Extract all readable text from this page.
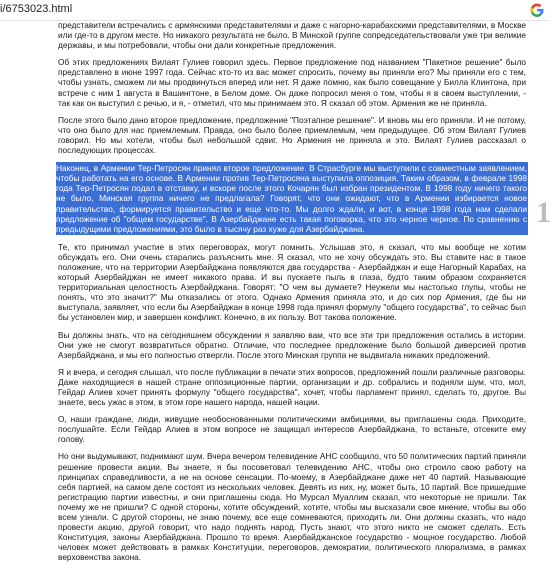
i/6753023.html

представители встречались с армянскими представителями и даже с нагорно-карабахскими представителями, в Москве или где-то в другом месте. Но никакого результата не было. В Минской группе сопредседательствовали уже три великие державы, и мы потребовали, чтобы они дали конкретные предложения.

Об этих предложениях Вилаят Гулиев говорил здесь. Первое предложение под названием "Пакетное решение" было представлено в июне 1997 года. Сейчас кто-то из вас может спросить, почему вы приняли его? Мы приняли его с тем, чтобы узнать, сможем ли мы продвинуться вперед или нет. Я даже помню, как было совещание у Билла Клинтона, при встрече с ним 1 августа в Вашингтоне, в Белом доме. Он даже попросил меня о том, чтобы я в своем выступлении, - так как он выступил с речью, и я, - отметил, что мы принимаем это. Я сказал об этом. Армения же не приняла.

После этого было дано второе предложение, предложение "Поэтапное решение". И вновь мы его приняли. И не потому, что оно было для нас приемлемым. Правда, оно было более приемлемым, чем предыдущее. Об этом Вилаят Гулиев говорил. Но мы хотели, чтобы был небольшой сдвиг. Но Армения не приняла и это. Вилаят Гулиев рассказал о последующих процессах.

Наконец, в Армении Тер-Петросян принял второе предложение. В Страсбурге мы выступили с совместным заявлением, чтобы работать на его основе. В Армении против Тер-Петросяна выступила оппозиция. Таким образом, в феврале 1998 года Тер-Петросян подал в отставку, и вскоре после этого Кочарян был избран президентом. В 1998 году ничего такого не было, Минская группа ничего не предлагала? Говорят, что они ожидают, что в Армении избирается новое правительство, формируется правительство и еще что-то. Мы долго ждали, и вот, в конце 1998 года нам сделали предложение об "общем государстве". В Азербайджане есть такая поговорка, что это черное черное. По сравнению с предыдущими предложениями, это было в тысячу раз хуже для Азербайджана.

Те, кто принимал участие в этих переговорах, могут помнить. Услышав это, я сказал, что мы вообще не хотим обсуждать его. Они очень старались разъяснить мне. Я сказал, что не хочу обсуждать это. Вы ставите нас в такое положение, что на территории Азербайджана появляются два государства - Азербайджан и еще Нагорный Карабах, на который Азербайджан не имеет никакого права. И вы пускаете пыль в глаза, будто таким образом сохраняется территориальная целостность Азербайджана. Говорят: "О чем вы думаете? Неужели мы настолько глупы, чтобы не понять, что это значит?" Мы отказались от этого. Однако Армения приняла это, и до сих пор Армения, где бы ни выступала, заявляет, что если бы Азербайджан в конце 1998 года принял формулу "общего государства", то сейчас был бы установлен мир, и завершен конфликт. Конечно, в их пользу. Вот такова положение.

Вы должны знать, что на сегодняшнем обсуждении я заявляю вам, что все эти три предложения остались в истории. Они уже не смогут возвратиться обратно. Отличие, что последнее предложение было большой диверсией против Азербайджана, и мы его полностью отвергли. После этого Минская группа не выдвигала никаких предложений.

Я и вчера, и сегодня слышал, что после публикации в печати этих вопросов, предложений пошли различные разговоры. Даже находящиеся в нашей стране оппозиционные партии, организации и др. собрались и подняли шум, что, мол, Гейдар Алиев хочет принять формулу "общего государства", хочет, чтобы парламент принял, сделать то, другое. Вы знаете, весь ужас в этом, в этом горе нашего народа, нашей нации.

О, наши граждане, люди, живущие необоснованными политическими амбициями, вы приглашены сюда. Приходите, послушайте. Если Гейдар Алиев в этом вопросе не защищал интересов Азербайджана, то встаньте, отсеките ему голову.

Но они выдумывают, поднимают шум. Вчера вечером телевидение АНС сообщило, что 50 политических партий приняли решение провести акции. Вы знаете, я бы посоветовал телевидению АНС, чтобы оно строило свою работу на принципах справедливости, а не на основе сенсации. По-моему, в Азербайджане даже нет 40 партий. Называющие себя партией, на самом деле состоят из нескольких человек. Девять из них, ну, может быть, 10 партий. Все пришедшие регистрацию партии известны, и они приглашены сюда. Но Мурсал Муаллим сказал, что некоторые не пришли. Так почему же не пришли? С одной стороны, хотите обсуждений, хотите, чтобы мы высказали свое мнение, чтобы вы обо всем узнали. С другой стороны, не знаю почему, все еще сомневаются, приходить ли. Они должны сказать, что надо провести акцию, другой говорит, что надо поднять народ. Пусть знают, что этого никто не сможет сделать. Есть Конституция, законы Азербайджана. Прошло то время. Азербайджанское государство - мощное государство. Любой человек может действовать в рамках Конституции, переговоров, демократии, политического плюрализма, в рамках верховенства закона.

1
